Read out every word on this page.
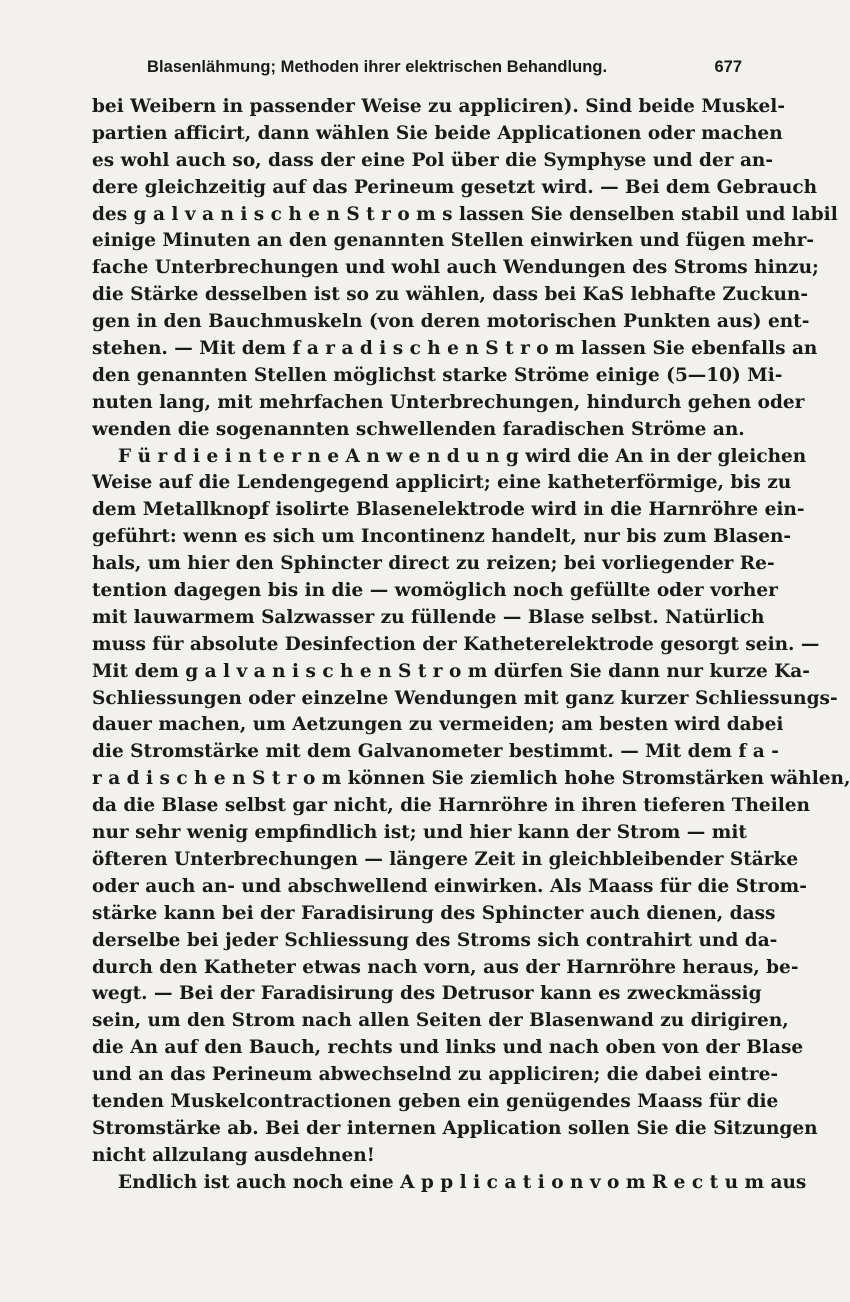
Blasenlähmung; Methoden ihrer elektrischen Behandlung.	677
bei Weibern in passender Weise zu appliciren). Sind beide Muskel-
partien afficirt, dann wählen Sie beide Applicationen oder machen
es wohl auch so, dass der eine Pol über die Symphyse und der an-
dere gleichzeitig auf das Perineum gesetzt wird. — Bei dem Gebrauch
des g a l v a n i s c h e n S t r o m s lassen Sie denselben stabil und labil
einige Minuten an den genannten Stellen einwirken und fügen mehr-
fache Unterbrechungen und wohl auch Wendungen des Stroms hinzu;
die Stärke desselben ist so zu wählen, dass bei KaS lebhafte Zuckun-
gen in den Bauchmuskeln (von deren motorischen Punkten aus) ent-
stehen. — Mit dem f a r a d i s c h e n S t r o m lassen Sie ebenfalls an
den genannten Stellen möglichst starke Ströme einige (5—10) Mi-
nuten lang, mit mehrfachen Unterbrechungen, hindurch gehen oder
wenden die sogenannten schwellenden faradischen Ströme an.
F ü r d i e i n t e r n e A n w e n d u n g wird die An in der gleichen
Weise auf die Lendengegend applicirt; eine katheterförmige, bis zu
dem Metallknopf isolirte Blasenelektrode wird in die Harnröhre ein-
geführt: wenn es sich um Incontinenz handelt, nur bis zum Blasen-
hals, um hier den Sphincter direct zu reizen; bei vorliegender Re-
tention dagegen bis in die — womöglich noch gefüllte oder vorher
mit lauwarmem Salzwasser zu füllende — Blase selbst. Natürlich
muss für absolute Desinfection der Katheterelektrode gesorgt sein. —
Mit dem g a l v a n i s c h e n S t r o m dürfen Sie dann nur kurze Ka-
Schliessungen oder einzelne Wendungen mit ganz kurzer Schliessungs-
dauer machen, um Aetzungen zu vermeiden; am besten wird dabei
die Stromstärke mit dem Galvanometer bestimmt. — Mit dem f a -
r a d i s c h e n S t r o m können Sie ziemlich hohe Stromstärken wählen,
da die Blase selbst gar nicht, die Harnröhre in ihren tieferen Theilen
nur sehr wenig empfindlich ist; und hier kann der Strom — mit
öfteren Unterbrechungen — längere Zeit in gleichbleibender Stärke
oder auch an- und abschwellend einwirken. Als Maass für die Strom-
stärke kann bei der Faradisirung des Sphincter auch dienen, dass
derselbe bei jeder Schliessung des Stroms sich contrahirt und da-
durch den Katheter etwas nach vorn, aus der Harnröhre heraus, be-
wegt. — Bei der Faradisirung des Detrusor kann es zweckmässig
sein, um den Strom nach allen Seiten der Blasenwand zu dirigiren,
die An auf den Bauch, rechts und links und nach oben von der Blase
und an das Perineum abwechselnd zu appliciren; die dabei eintre-
tenden Muskelcontractionen geben ein genügendes Maass für die
Stromstärke ab. Bei der internen Application sollen Sie die Sitzungen
nicht allzulang ausdehnen!
Endlich ist auch noch eine A p p l i c a t i o n v o m R e c t u m aus
